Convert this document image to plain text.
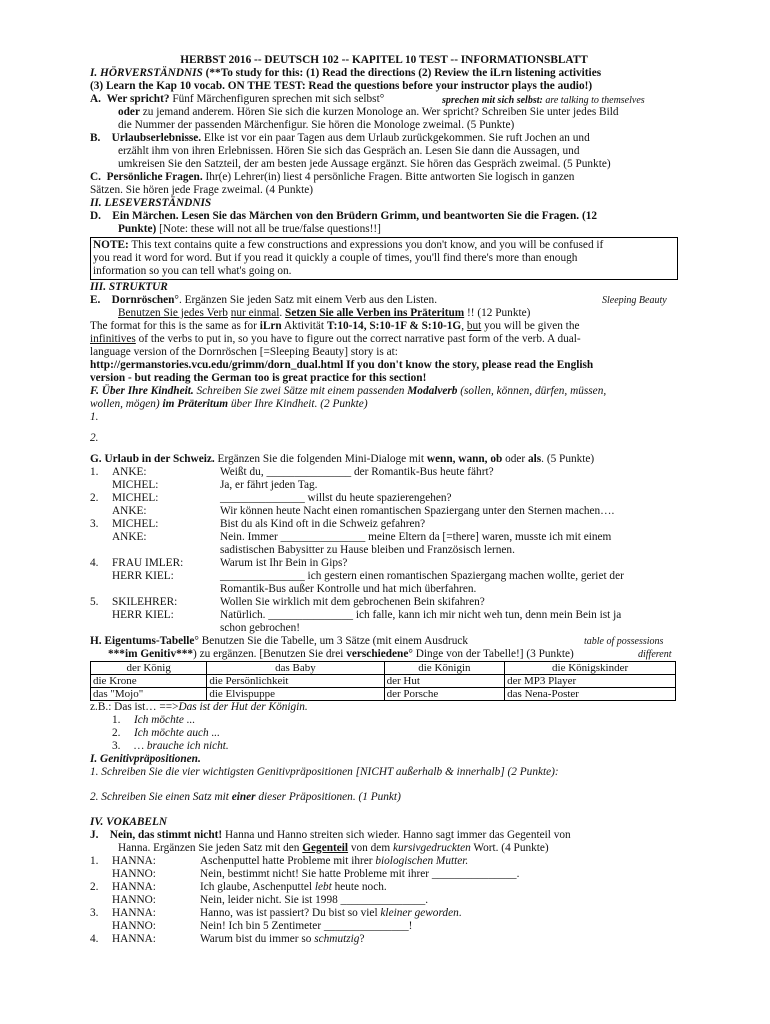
HERBST 2016 -- DEUTSCH 102 -- KAPITEL 10 TEST -- INFORMATIONSBLATT
I. HÖRVERSTÄNDNIS (**To study for this: (1) Read the directions (2) Review the iLrn listening activities
(3) Learn the Kap 10 vocab. ON THE TEST: Read the questions before your instructor plays the audio!)
A. Wer spricht? Fünf Märchenfiguren sprechen mit sich selbst°	sprechen mit sich selbst: are talking to themselves
oder zu jemand anderem. Hören Sie sich die kurzen Monologe an. Wer spricht? Schreiben Sie unter jedes Bild
die Nummer der passenden Märchenfigur. Sie hören die Monologe zweimal. (5 Punkte)
B. Urlaubserlebnisse. Elke ist vor ein paar Tagen aus dem Urlaub zurückgekommen. Sie ruft Jochen an und
erzählt ihm von ihren Erlebnissen. Hören Sie sich das Gespräch an. Lesen Sie dann die Aussagen, und
umkreisen Sie den Satzteil, der am besten jede Aussage ergänzt. Sie hören das Gespräch zweimal. (5 Punkte)
C. Persönliche Fragen. Ihr(e) Lehrer(in) liest 4 persönliche Fragen. Bitte antworten Sie logisch in ganzen
Sätzen. Sie hören jede Frage zweimal. (4 Punkte)
II. LESEVERSTÄNDNIS
D. Ein Märchen. Lesen Sie das Märchen von den Brüdern Grimm, und beantworten Sie die Fragen. (12
Punkte) [Note: these will not all be true/false questions!!]
NOTE: This text contains quite a few constructions and expressions you don't know, and you will be confused if
you read it word for word. But if you read it quickly a couple of times, you'll find there's more than enough
information so you can tell what's going on.
III. STRUKTUR
E. Dornröschen°. Ergänzen Sie jeden Satz mit einem Verb aus den Listen.	Sleeping Beauty
Benutzen Sie jedes Verb nur einmal. Setzen Sie alle Verben ins Präteritum !! (12 Punkte)
The format for this is the same as for iLrn Aktivität T:10-14, S:10-1F & S:10-1G, but you will be given the
infinitives of the verbs to put in, so you have to figure out the correct narrative past form of the verb. A dual-
language version of the Dornröschen [=Sleeping Beauty] story is at:
http://germanstories.vcu.edu/grimm/dorn_dual.html If you don't know the story, please read the English
version - but reading the German too is great practice for this section!
F. Über Ihre Kindheit. Schreiben Sie zwei Sätze mit einem passenden Modalverb (sollen, können, dürfen, müssen,
wollen, mögen) im Präteritum über Ihre Kindheit. (2 Punkte)
1.
2.
G. Urlaub in der Schweiz. Ergänzen Sie die folgenden Mini-Dialoge mit wenn, wann, ob oder als. (5 Punkte)
1.	ANKE:	Weißt du, _______________ der Romantik-Bus heute fährt?
MICHEL:	Ja, er fährt jeden Tag.
2.	MICHEL:	_______________ willst du heute spazierengehen?
ANKE:	Wir können heute Nacht einen romantischen Spaziergang unter den Sternen machen….
3.	MICHEL:	Bist du als Kind oft in die Schweiz gefahren?
ANKE:	Nein. Immer _______________ meine Eltern da [=there] waren, musste ich mit einem
sadistischen Babysitter zu Hause bleiben und Französisch lernen.
4.	FRAU IMLER:	Warum ist Ihr Bein in Gips?
HERR KIEL:	_______________ ich gestern einen romantischen Spaziergang machen wollte, geriet der
Romantik-Bus außer Kontrolle und hat mich überfahren.
5.	SKILEHRER:	Wollen Sie wirklich mit dem gebrochenen Bein skifahren?
HERR KIEL:	Natürlich. _______________ ich falle, kann ich mir nicht weh tun, denn mein Bein ist ja
schon gebrochen!
H. Eigentums-Tabelle° Benutzen Sie die Tabelle, um 3 Sätze (mit einem Ausdruck	table of possessions
***im Genitiv***) zu ergänzen. [Benutzen Sie drei verschiedene° Dinge von der Tabelle!] (3 Punkte)	different
der König	das Baby	die Königin	die Königskinder
die Krone	die Persönlichkeit	der Hut	der MP3 Player
das "Mojo"	die Elvispuppe	der Porsche	das Nena-Poster
z.B.: Das ist… ==>Das ist der Hut der Königin.
1.	Ich möchte ...
2.	Ich möchte auch ...
3.	… brauche ich nicht.
I. Genitivpräpositionen.
1. Schreiben Sie die vier wichtigsten Genitivpräpositionen [NICHT außerhalb & innerhalb] (2 Punkte):
2. Schreiben Sie einen Satz mit einer dieser Präpositionen. (1 Punkt)
IV. VOKABELN
J. Nein, das stimmt nicht! Hanna und Hanno streiten sich wieder. Hanno sagt immer das Gegenteil von
Hanna. Ergänzen Sie jeden Satz mit den Gegenteil von dem kursivgedruckten Wort. (4 Punkte)
1.	HANNA:	Aschenputtel hatte Probleme mit ihrer biologischen Mutter.
HANNO:	Nein, bestimmt nicht! Sie hatte Probleme mit ihrer _______________.
2.	HANNA:	Ich glaube, Aschenputtel lebt heute noch.
HANNO:	Nein, leider nicht. Sie ist 1998 _______________.
3.	HANNA:	Hanno, was ist passiert? Du bist so viel kleiner geworden.
HANNO:	Nein! Ich bin 5 Zentimeter _______________!
4.	HANNA:	Warum bist du immer so schmutzig?
